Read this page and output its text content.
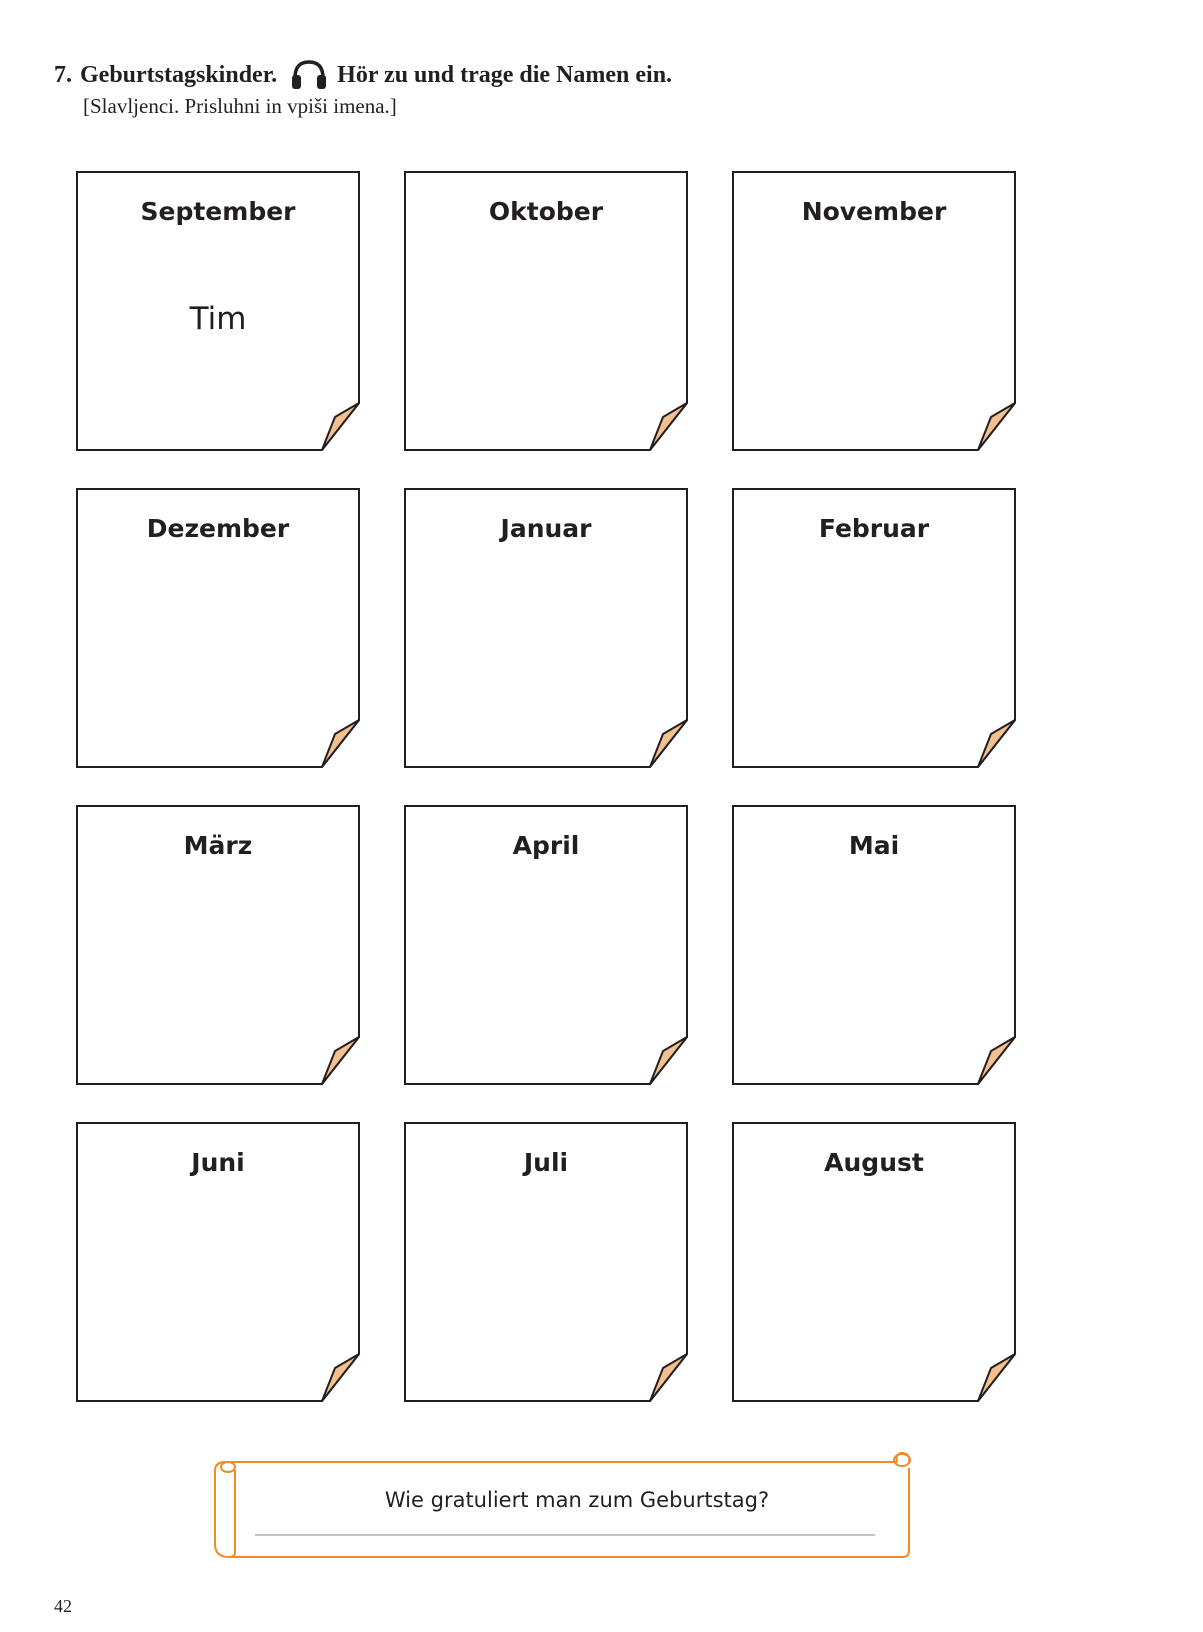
7. Geburtstagskinder.	Hör zu und trage die Namen ein.
[Slavljenci. Prisluhni in vpiši imena.]
September
Tim
Oktober	November
Dezember	Januar	Februar
März	April	Mai
Juni	Juli	August
Wie gratuliert man zum Geburtstag?
42
